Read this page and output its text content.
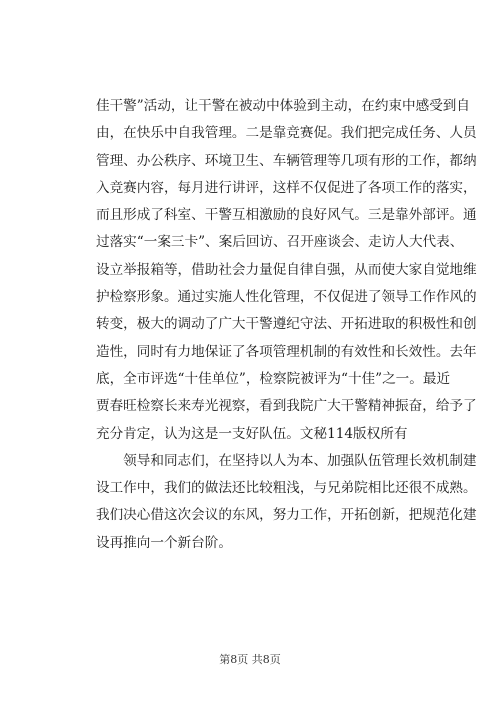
佳干警”活动，让干警在被动中体验到主动，在约束中感受到自
由，在快乐中自我管理。二是靠竞赛促。我们把完成任务、人员
管理、办公秩序、环境卫生、车辆管理等几项有形的工作，都纳
入竞赛内容，每月进行讲评，这样不仅促进了各项工作的落实，
而且形成了科室、干警互相激励的良好风气。三是靠外部评。通
过落实“一案三卡”、案后回访、召开座谈会、走访人大代表、
设立举报箱等，借助社会力量促自律自强，从而使大家自觉地维
护检察形象。通过实施人性化管理，不仅促进了领导工作作风的
转变，极大的调动了广大干警遵纪守法、开拓进取的积极性和创
造性，同时有力地保证了各项管理机制的有效性和长效性。去年
底，全市评选“十佳单位”，检察院被评为“十佳”之一。最近
贾春旺检察长来寿光视察，看到我院广大干警精神振奋，给予了
充分肯定，认为这是一支好队伍。文秘114版权所有
　　领导和同志们，在坚持以人为本、加强队伍管理长效机制建
设工作中，我们的做法还比较粗浅，与兄弟院相比还很不成熟。
我们决心借这次会议的东风，努力工作，开拓创新，把规范化建
设再推向一个新台阶。
第8页 共8页
